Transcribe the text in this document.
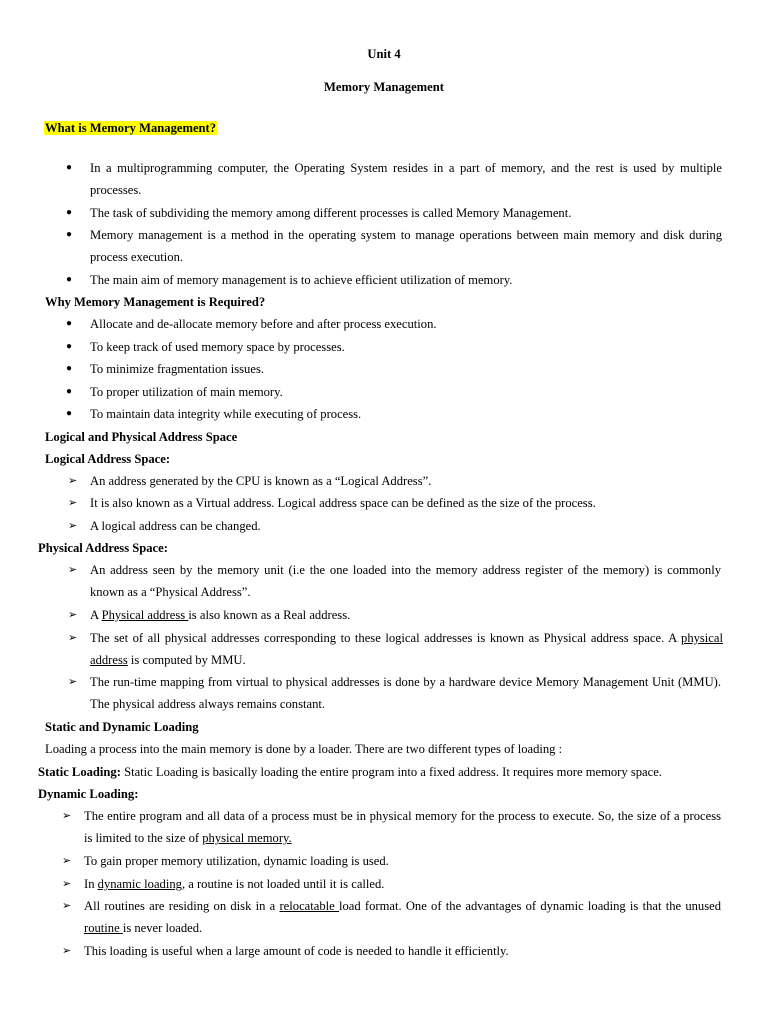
Unit 4
Memory Management
What is Memory Management?
● In a multiprogramming computer, the Operating System resides in a part of memory, and the rest is used by multiple processes.
● The task of subdividing the memory among different processes is called Memory Management.
● Memory management is a method in the operating system to manage operations between main memory and disk during process execution.
● The main aim of memory management is to achieve efficient utilization of memory.
Why Memory Management is Required?
● Allocate and de-allocate memory before and after process execution.
● To keep track of used memory space by processes.
● To minimize fragmentation issues.
● To proper utilization of main memory.
● To maintain data integrity while executing of process.
Logical and Physical Address Space
Logical Address Space:
➢ An address generated by the CPU is known as a “Logical Address”.
➢ It is also known as a Virtual address. Logical address space can be defined as the size of the process.
➢ A logical address can be changed.
Physical Address Space:
➢ An address seen by the memory unit (i.e the one loaded into the memory address register of the memory) is commonly known as a “Physical Address”.
➢ A Physical address is also known as a Real address.
➢ The set of all physical addresses corresponding to these logical addresses is known as Physical address space. A physical address is computed by MMU.
➢ The run-time mapping from virtual to physical addresses is done by a hardware device Memory Management Unit (MMU). The physical address always remains constant.
Static and Dynamic Loading
Loading a process into the main memory is done by a loader. There are two different types of loading :
Static Loading: Static Loading is basically loading the entire program into a fixed address. It requires more memory space.
Dynamic Loading:
➢ The entire program and all data of a process must be in physical memory for the process to execute. So, the size of a process is limited to the size of physical memory.
➢ To gain proper memory utilization, dynamic loading is used.
➢ In dynamic loading, a routine is not loaded until it is called.
➢ All routines are residing on disk in a relocatable load format. One of the advantages of dynamic loading is that the unused routine is never loaded.
➢ This loading is useful when a large amount of code is needed to handle it efficiently.
